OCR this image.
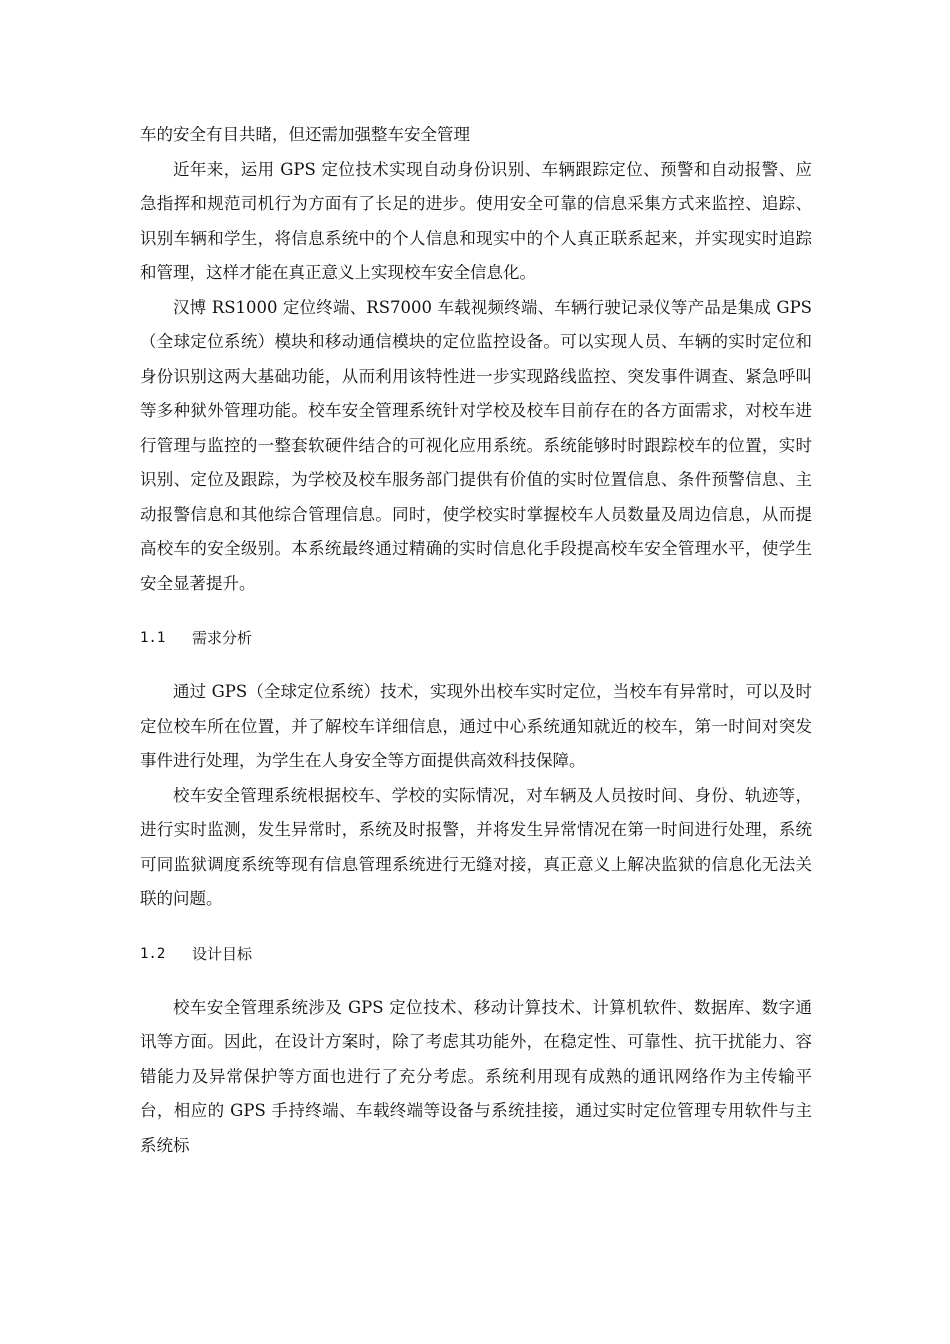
车的安全有目共睹，但还需加强整车安全管理

近年来，运用 GPS 定位技术实现自动身份识别、车辆跟踪定位、预警和自动报警、应急指挥和规范司机行为方面有了长足的进步。使用安全可靠的信息采集方式来监控、追踪、识别车辆和学生，将信息系统中的个人信息和现实中的个人真正联系起来，并实现实时追踪和管理，这样才能在真正意义上实现校车安全信息化。

汉博 RS1000 定位终端、RS7000 车载视频终端、车辆行驶记录仪等产品是集成 GPS（全球定位系统）模块和移动通信模块的定位监控设备。可以实现人员、车辆的实时定位和身份识别这两大基础功能，从而利用该特性进一步实现路线监控、突发事件调查、紧急呼叫等多种狱外管理功能。校车安全管理系统针对学校及校车目前存在的各方面需求，对校车进行管理与监控的一整套软硬件结合的可视化应用系统。系统能够时时跟踪校车的位置，实时识别、定位及跟踪，为学校及校车服务部门提供有价值的实时位置信息、条件预警信息、主动报警信息和其他综合管理信息。同时，使学校实时掌握校车人员数量及周边信息，从而提高校车的安全级别。本系统最终通过精确的实时信息化手段提高校车安全管理水平，使学生安全显著提升。

1.1	需求分析

通过 GPS（全球定位系统）技术，实现外出校车实时定位，当校车有异常时，可以及时定位校车所在位置，并了解校车详细信息，通过中心系统通知就近的校车，第一时间对突发事件进行处理，为学生在人身安全等方面提供高效科技保障。

校车安全管理系统根据校车、学校的实际情况，对车辆及人员按时间、身份、轨迹等，进行实时监测，发生异常时，系统及时报警，并将发生异常情况在第一时间进行处理，系统可同监狱调度系统等现有信息管理系统进行无缝对接，真正意义上解决监狱的信息化无法关联的问题。

1.2	设计目标

校车安全管理系统涉及 GPS 定位技术、移动计算技术、计算机软件、数据库、数字通讯等方面。因此，在设计方案时，除了考虑其功能外，在稳定性、可靠性、抗干扰能力、容错能力及异常保护等方面也进行了充分考虑。系统利用现有成熟的通讯网络作为主传输平台，相应的 GPS 手持终端、车载终端等设备与系统挂接，通过实时定位管理专用软件与主系统标
